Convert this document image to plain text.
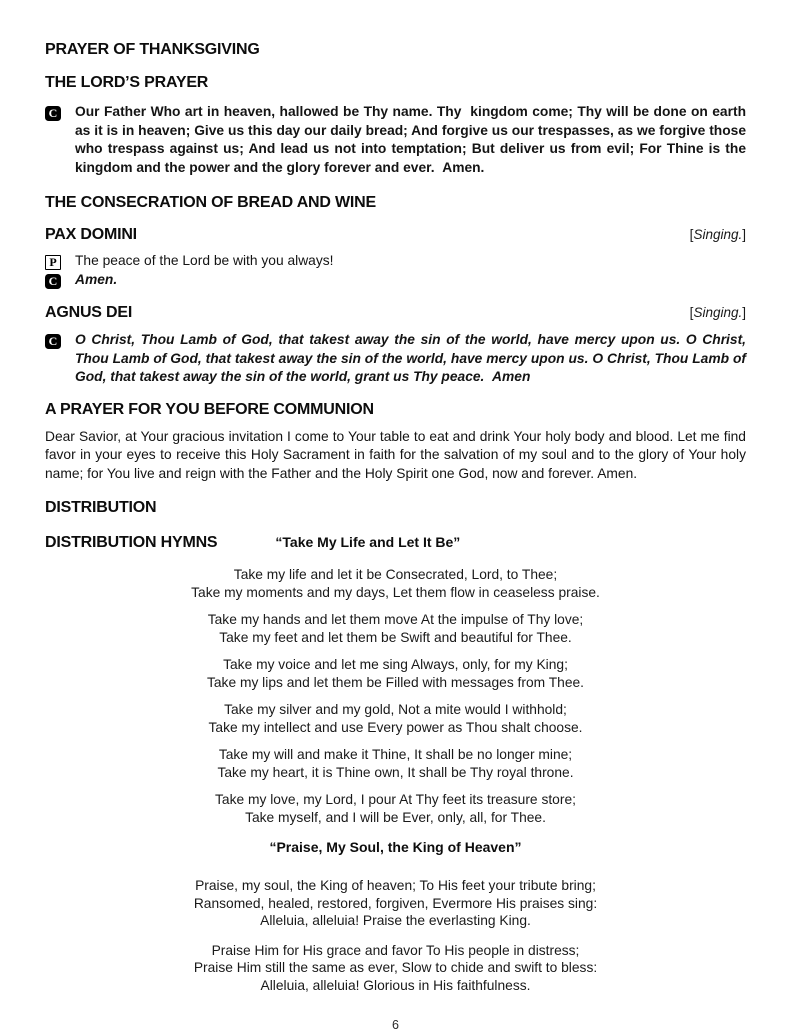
PRAYER OF THANKSGIVING
THE LORD’S PRAYER
C	Our Father Who art in heaven, hallowed be Thy name. Thy  kingdom come; Thy will be done on earth as it is in heaven; Give us this day our daily bread; And forgive us our trespasses, as we forgive those who trespass against us; And lead us not into temptation; But deliver us from evil; For Thine is the kingdom and the power and the glory forever and ever.  Amen.

THE CONSECRATION OF BREAD AND WINE
PAX DOMINI	[Singing.]
P	The peace of the Lord be with you always!

C	Amen.

AGNUS DEI	[Singing.]
C	O Christ, Thou Lamb of God, that takest away the sin of the world, have mercy upon us. O Christ, Thou Lamb of God, that takest away the sin of the world, have mercy upon us. O Christ, Thou Lamb of God, that takest away the sin of the world, grant us Thy peace.  Amen

A PRAYER FOR YOU BEFORE COMMUNION

Dear Savior, at Your gracious invitation I come to Your table to eat and drink Your holy body and blood. Let me find favor in your eyes to receive this Holy Sacrament in faith for the salvation of my soul and to the glory of Your holy name; for You live and reign with the Father and the Holy Spirit one God, now and forever. Amen.

DISTRIBUTION
DISTRIBUTION HYMNS	“Take My Life and Let It Be”

Take my life and let it be Consecrated, Lord, to Thee;

Take my moments and my days, Let them flow in ceaseless praise.

Take my hands and let them move At the impulse of Thy love;

Take my feet and let them be Swift and beautiful for Thee.

Take my voice and let me sing Always, only, for my King;

Take my lips and let them be Filled with messages from Thee.

Take my silver and my gold, Not a mite would I withhold;

Take my intellect and use Every power as Thou shalt choose.

Take my will and make it Thine, It shall be no longer mine;

Take my heart, it is Thine own, It shall be Thy royal throne.

Take my love, my Lord, I pour At Thy feet its treasure store;

Take myself, and I will be Ever, only, all, for Thee.

“Praise, My Soul, the King of Heaven”

Praise, my soul, the King of heaven; To His feet your tribute bring;

Ransomed, healed, restored, forgiven, Evermore His praises sing:

Alleluia, alleluia! Praise the everlasting King.

Praise Him for His grace and favor To His people in distress;

Praise Him still the same as ever, Slow to chide and swift to bless:

Alleluia, alleluia! Glorious in His faithfulness.

6
